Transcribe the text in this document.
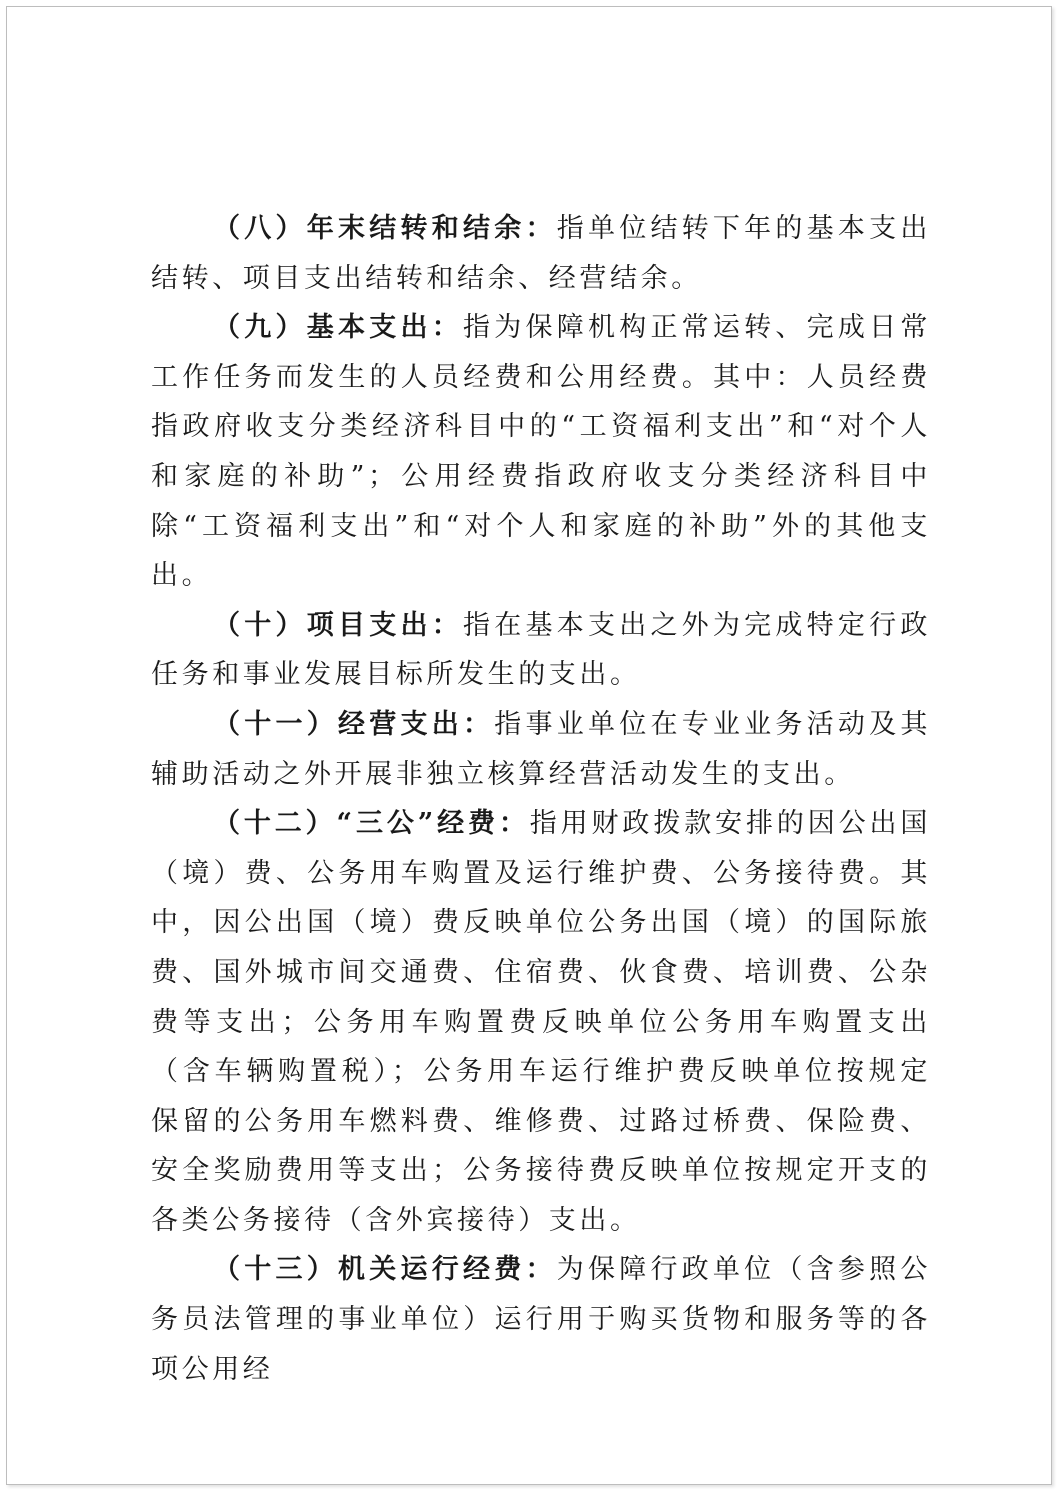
（八）年末结转和结余：指单位结转下年的基本支出结转、项目支出结转和结余、经营结余。

（九）基本支出：指为保障机构正常运转、完成日常工作任务而发生的人员经费和公用经费。其中：人员经费指政府收支分类经济科目中的“工资福利支出”和“对个人和家庭的补助”；公用经费指政府收支分类经济科目中除“工资福利支出”和“对个人和家庭的补助”外的其他支出。

（十）项目支出：指在基本支出之外为完成特定行政任务和事业发展目标所发生的支出。

（十一）经营支出：指事业单位在专业业务活动及其辅助活动之外开展非独立核算经营活动发生的支出。

（十二）“三公”经费：指用财政拨款安排的因公出国（境）费、公务用车购置及运行维护费、公务接待费。其中，因公出国（境）费反映单位公务出国（境）的国际旅费、国外城市间交通费、住宿费、伙食费、培训费、公杂费等支出；公务用车购置费反映单位公务用车购置支出（含车辆购置税）；公务用车运行维护费反映单位按规定保留的公务用车燃料费、维修费、过路过桥费、保险费、安全奖励费用等支出；公务接待费反映单位按规定开支的各类公务接待（含外宾接待）支出。

（十三）机关运行经费：为保障行政单位（含参照公务员法管理的事业单位）运行用于购买货物和服务等的各项公用经
